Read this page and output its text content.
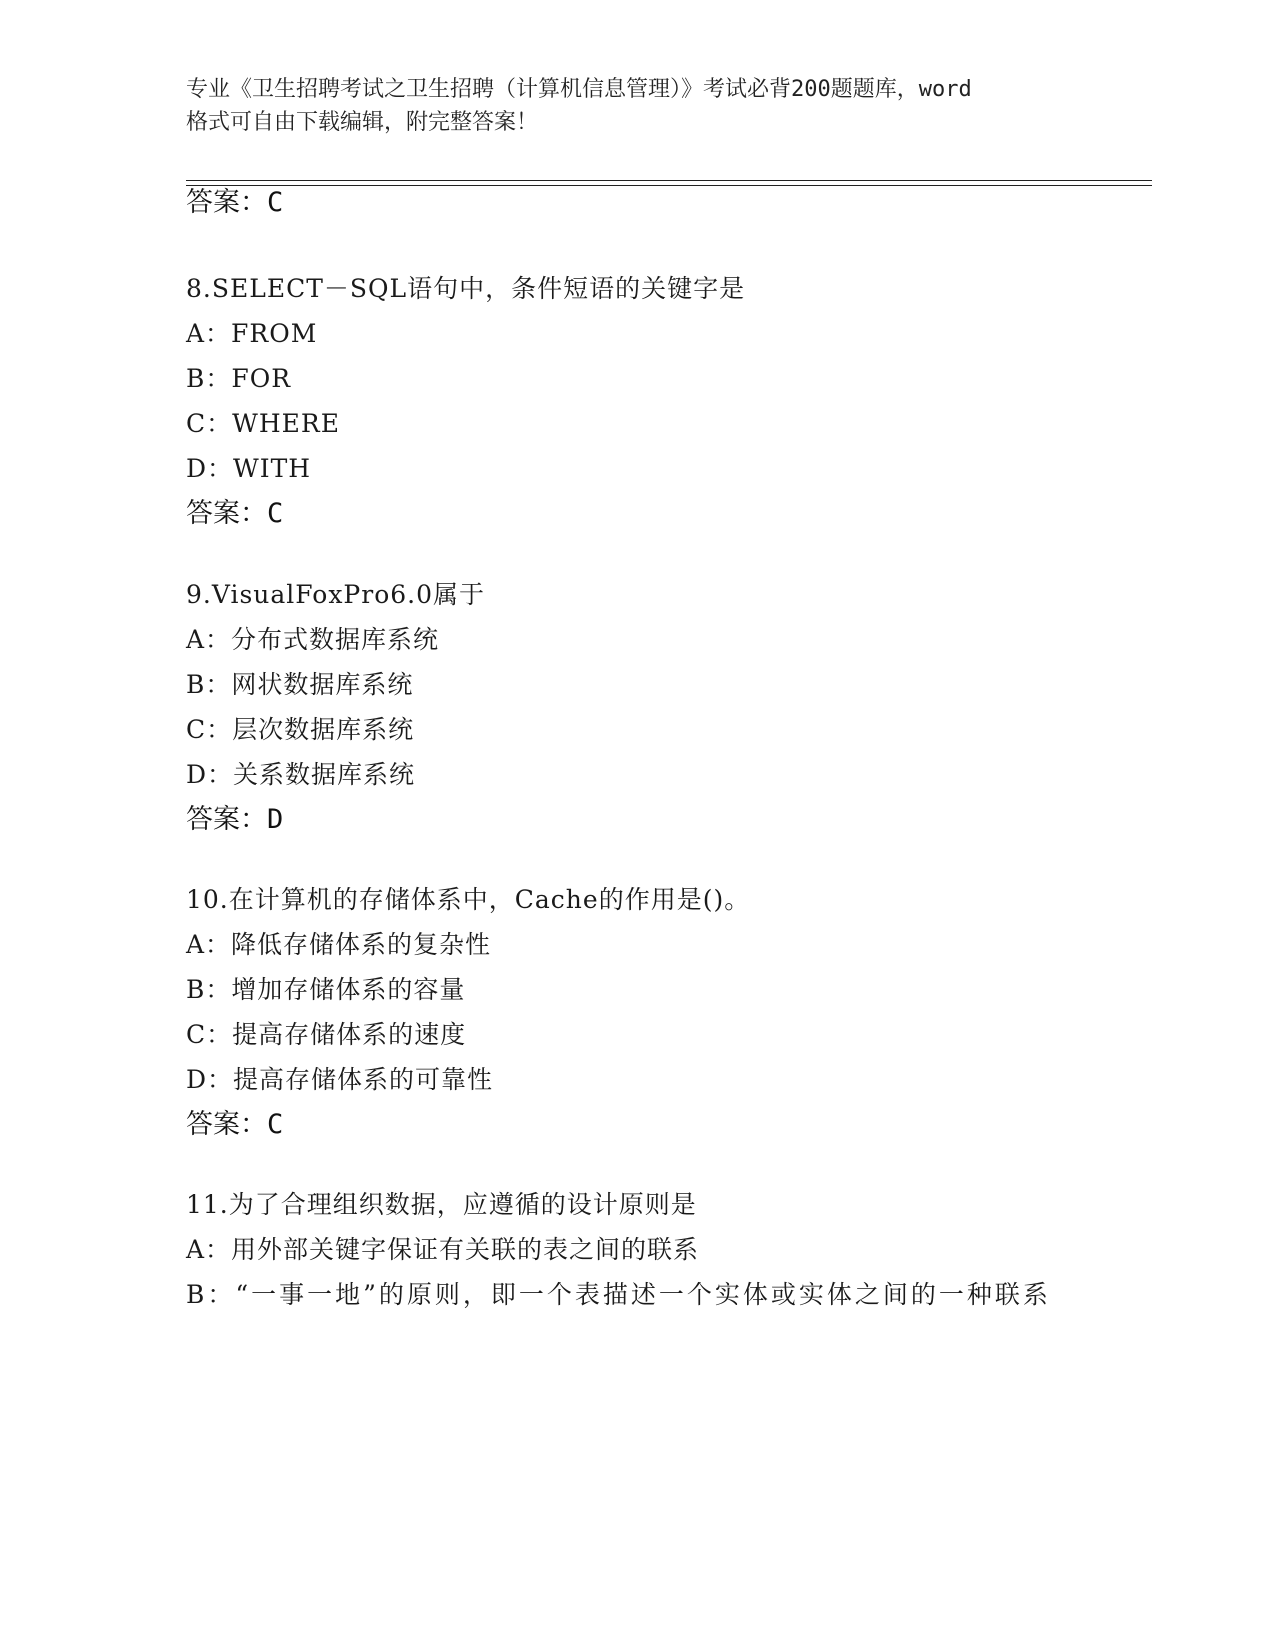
专业《卫生招聘考试之卫生招聘（计算机信息管理）》考试必背200题题库，word
格式可自由下载编辑，附完整答案！
答案：C
8.SELECT－SQL语句中，条件短语的关键字是
A：FROM
B：FOR
C：WHERE
D：WITH
答案：C
9.VisualFoxPro6.0属于
A：分布式数据库系统
B：网状数据库系统
C：层次数据库系统
D：关系数据库系统
答案：D
10.在计算机的存储体系中，Cache的作用是()。
A：降低存储体系的复杂性
B：增加存储体系的容量
C：提高存储体系的速度
D：提高存储体系的可靠性
答案：C
11.为了合理组织数据，应遵循的设计原则是
A：用外部关键字保证有关联的表之间的联系
B：“一事一地”的原则，即一个表描述一个实体或实体之间的一种联系
